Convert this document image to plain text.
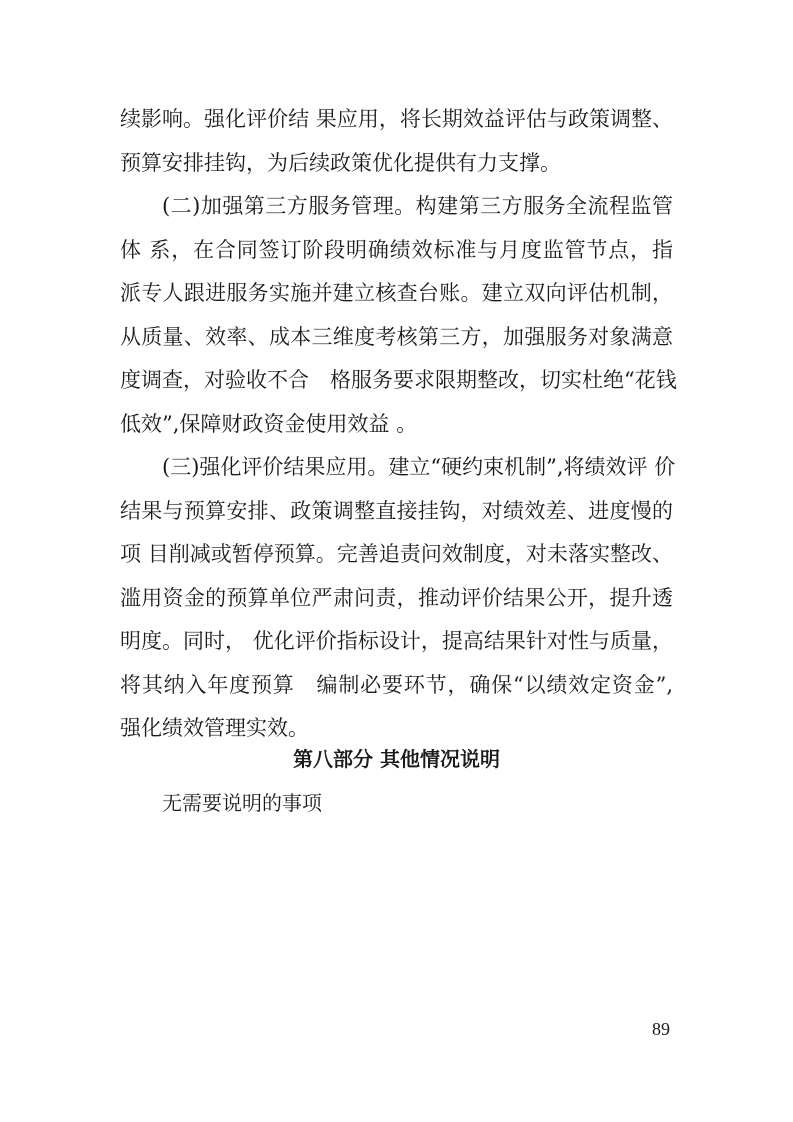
续影响。强化评价结 果应用，将长期效益评估与政策调整、
预算安排挂钩，为后续政策优化提供有力支撑。

(二)加强第三方服务管理。构建第三方服务全流程监管
体 系，在合同签订阶段明确绩效标准与月度监管节点，指
派专人跟进服务实施并建立核查台账。建立双向评估机制，
从质量、效率、成本三维度考核第三方，加强服务对象满意
度调查，对验收不合　格服务要求限期整改，切实杜绝“花钱
低效”,保障财政资金使用效益 。

(三)强化评价结果应用。建立“硬约束机制”,将绩效评 价
结果与预算安排、政策调整直接挂钩，对绩效差、进度慢的
项 目削减或暂停预算。完善追责问效制度，对未落实整改、
滥用资金的预算单位严肃问责，推动评价结果公开，提升透
明度。同时， 优化评价指标设计，提高结果针对性与质量，
将其纳入年度预算　编制必要环节，确保“以绩效定资金”,
强化绩效管理实效。

第八部分 其他情况说明
无需要说明的事项
89
